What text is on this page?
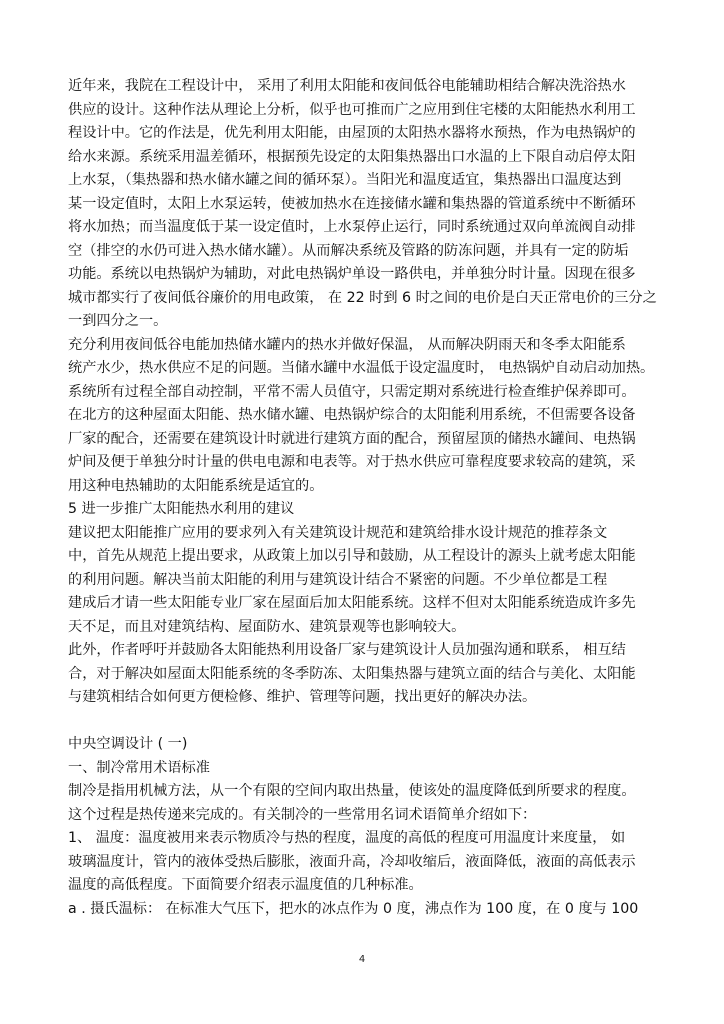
近年来，我院在工程设计中， 采用了利用太阳能和夜间低谷电能辅助相结合解决洗浴热水
供应的设计。这种作法从理论上分析，似乎也可推而广之应用到住宅楼的太阳能热水利用工
程设计中。它的作法是，优先利用太阳能，由屋顶的太阳热水器将水预热，作为电热锅炉的
给水来源。系统采用温差循环，根据预先设定的太阳集热器出口水温的上下限自动启停太阳
上水泵，（集热器和热水储水罐之间的循环泵）。当阳光和温度适宜，集热器出口温度达到
某一设定值时，太阳上水泵运转，使被加热水在连接储水罐和集热器的管道系统中不断循环
将水加热；而当温度低于某一设定值时，上水泵停止运行，同时系统通过双向单流阀自动排
空（排空的水仍可进入热水储水罐）。从而解决系统及管路的防冻问题，并具有一定的防垢
功能。系统以电热锅炉为辅助，对此电热锅炉单设一路供电，并单独分时计量。因现在很多
城市都实行了夜间低谷廉价的用电政策， 在 22 时到 6 时之间的电价是白天正常电价的三分之
一到四分之一。
充分利用夜间低谷电能加热储水罐内的热水并做好保温， 从而解决阴雨天和冬季太阳能系
统产水少，热水供应不足的问题。当储水罐中水温低于设定温度时， 电热锅炉自动启动加热。
系统所有过程全部自动控制，平常不需人员值守，只需定期对系统进行检查维护保养即可。
在北方的这种屋面太阳能、热水储水罐、电热锅炉综合的太阳能利用系统，不但需要各设备
厂家的配合，还需要在建筑设计时就进行建筑方面的配合，预留屋顶的储热水罐间、电热锅
炉间及便于单独分时计量的供电电源和电表等。对于热水供应可靠程度要求较高的建筑，采
用这种电热辅助的太阳能系统是适宜的。
5 进一步推广太阳能热水利用的建议
建议把太阳能推广应用的要求列入有关建筑设计规范和建筑给排水设计规范的推荐条文
中，首先从规范上提出要求，从政策上加以引导和鼓励，从工程设计的源头上就考虑太阳能
的利用问题。解决当前太阳能的利用与建筑设计结合不紧密的问题。不少单位都是工程
建成后才请一些太阳能专业厂家在屋面后加太阳能系统。这样不但对太阳能系统造成许多先
天不足，而且对建筑结构、屋面防水、建筑景观等也影响较大。
此外，作者呼吁并鼓励各太阳能热利用设备厂家与建筑设计人员加强沟通和联系， 相互结
合，对于解决如屋面太阳能系统的冬季防冻、太阳集热器与建筑立面的结合与美化、太阳能
与建筑相结合如何更方便检修、维护、管理等问题，找出更好的解决办法。
中央空调设计 ( 一)
一、制冷常用术语标准
制冷是指用机械方法，从一个有限的空间内取出热量，使该处的温度降低到所要求的程度。
这个过程是热传递来完成的。有关制冷的一些常用名词术语简单介绍如下：
1、 温度：温度被用来表示物质冷与热的程度，温度的高低的程度可用温度计来度量， 如
玻璃温度计，管内的液体受热后膨胀，液面升高，冷却收缩后，液面降低，液面的高低表示
温度的高低程度。下面简要介绍表示温度值的几种标准。
a . 摄氏温标： 在标准大气压下，把水的冰点作为 0 度，沸点作为 100 度，在 0 度与 100
4
